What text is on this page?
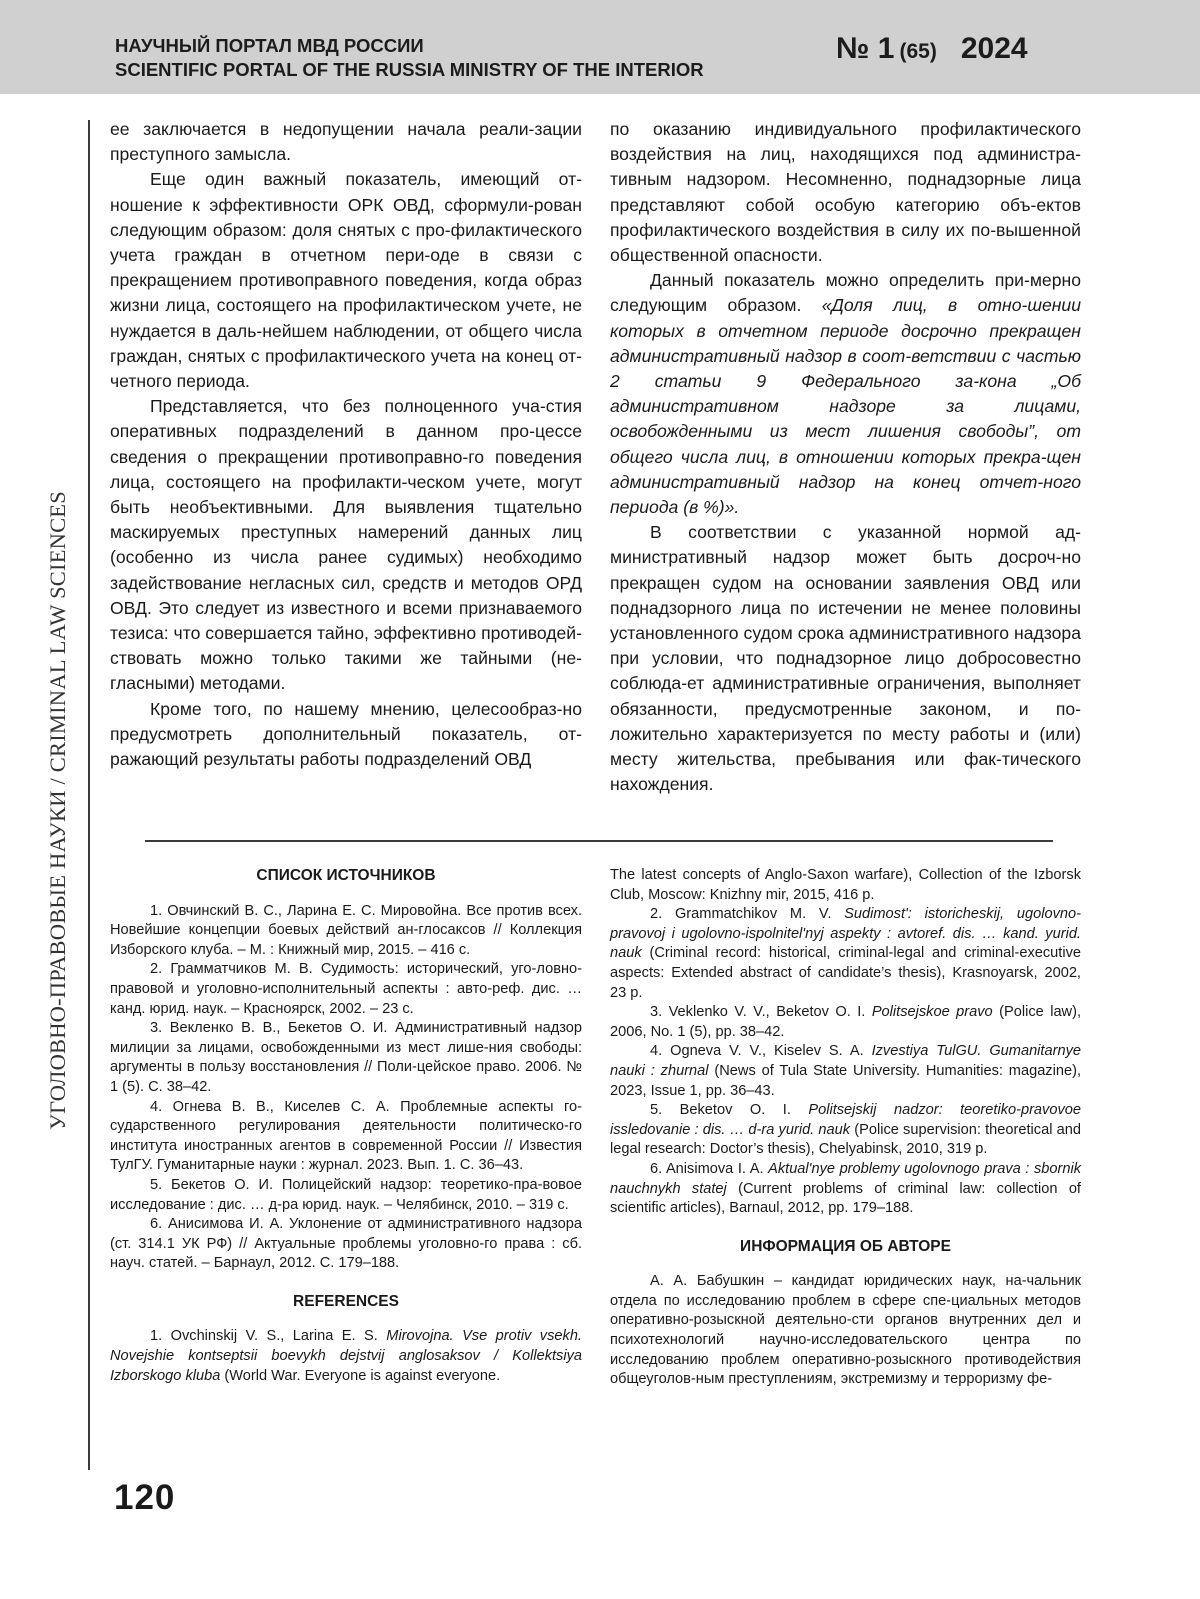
НАУЧНЫЙ ПОРТАЛ МВД РОССИИ
SCIENTIFIC PORTAL OF THE RUSSIA MINISTRY OF THE INTERIOR
№ 1 (65) 2024
УГОЛОВНО-ПРАВОВЫЕ НАУКИ / CRIMINAL LAW SCIENCES

ее заключается в недопущении начала реали-зации преступного замысла.

Еще один важный показатель, имеющий от-ношение к эффективности ОРК ОВД, сформули-рован следующим образом: доля снятых с про-филактического учета граждан в отчетном пери-оде в связи с прекращением противоправного поведения, когда образ жизни лица, состоящего на профилактическом учете, не нуждается в даль-нейшем наблюдении, от общего числа граждан, снятых с профилактического учета на конец от-четного периода.

Представляется, что без полноценного уча-стия оперативных подразделений в данном про-цессе сведения о прекращении противоправно-го поведения лица, состоящего на профилакти-ческом учете, могут быть необъективными. Для выявления тщательно маскируемых преступных намерений данных лиц (особенно из числа ранее судимых) необходимо задействование негласных сил, средств и методов ОРД ОВД. Это следует из известного и всеми признаваемого тезиса: что совершается тайно, эффективно противодей-ствовать можно только такими же тайными (не-гласными) методами.

Кроме того, по нашему мнению, целесообраз-но предусмотреть дополнительный показатель, от-ражающий результаты работы подразделений ОВД

по оказанию индивидуального профилактического воздействия на лиц, находящихся под администра-тивным надзором. Несомненно, поднадзорные лица представляют собой особую категорию объ-ектов профилактического воздействия в силу их по-вышенной общественной опасности.

Данный показатель можно определить при-мерно следующим образом. «Доля лиц, в отно-шении которых в отчетном периоде досрочно прекращен административный надзор в соот-ветствии с частью 2 статьи 9 Федерального за-кона „Об административном надзоре за лицами, освобожденными из мест лишения свободы”, от общего числа лиц, в отношении которых прекра-щен административный надзор на конец отчет-ного периода (в %)».

В соответствии с указанной нормой ад-министративный надзор может быть досроч-но прекращен судом на основании заявления ОВД или поднадзорного лица по истечении не менее половины установленного судом срока административного надзора при условии, что поднадзорное лицо добросовестно соблюда-ет административные ограничения, выполняет обязанности, предусмотренные законом, и по-ложительно характеризуется по месту работы и (или) месту жительства, пребывания или фак-тического нахождения.

СПИСОК ИСТОЧНИКОВ

1. Овчинский В. С., Ларина Е. С. Мировойна. Все против всех. Новейшие концепции боевых действий ан-глосаксов // Коллекция Изборского клуба. – М. : Книжный мир, 2015. – 416 с.

2. Грамматчиков М. В. Судимость: исторический, уго-ловно-правовой и уголовно-исполнительный аспекты : авто-реф. дис. … канд. юрид. наук. – Красноярск, 2002. – 23 с.

3. Векленко В. В., Бекетов О. И. Административный надзор милиции за лицами, освобожденными из мест лише-ния свободы: аргументы в пользу восстановления // Поли-цейское право. 2006. № 1 (5). С. 38–42.

4. Огнева В. В., Киселев С. А. Проблемные аспекты го-сударственного регулирования деятельности политическо-го института иностранных агентов в современной России // Известия ТулГУ. Гуманитарные науки : журнал. 2023. Вып. 1. С. 36–43.

5. Бекетов О. И. Полицейский надзор: теоретико-пра-вовое исследование : дис. … д-ра юрид. наук. – Челябинск, 2010. – 319 с.

6. Анисимова И. А. Уклонение от административного надзора (ст. 314.1 УК РФ) // Актуальные проблемы уголовно-го права : сб. науч. статей. – Барнаул, 2012. С. 179–188.

REFERENCES

1. Ovchinskij V. S., Larina E. S. Mirovojna. Vse protiv vsekh. Novejshie kontseptsii boevykh dejstvij anglosaksov / Kollektsiya Izborskogo kluba (World War. Everyone is against everyone.

The latest concepts of Anglo-Saxon warfare), Collection of the Izborsk Club, Moscow: Knizhny mir, 2015, 416 p.

2. Grammatchikov M. V. Sudimost': istoricheskij, ugolovno-pravovoj i ugolovno-ispolnitel'nyj aspekty : avtoref. dis. … kand. yurid. nauk (Criminal record: historical, criminal-legal and criminal-executive aspects: Extended abstract of candidate’s thesis), Krasnoyarsk, 2002, 23 p.

3. Veklenko V. V., Beketov O. I. Politsejskoe pravo (Police law), 2006, No. 1 (5), pp. 38–42.

4. Ogneva V. V., Kiselev S. A. Izvestiya TulGU. Gumanitarnye nauki : zhurnal (News of Tula State University. Humanities: magazine), 2023, Issue 1, pp. 36–43.

5. Beketov O. I. Politsejskij nadzor: teoretiko-pravovoe issledovanie : dis. … d-ra yurid. nauk (Police supervision: theoretical and legal research: Doctor’s thesis), Chelyabinsk, 2010, 319 p.

6. Anisimova I. A. Aktual'nye problemy ugolovnogo prava : sbornik nauchnykh statej (Current problems of criminal law: collection of scientific articles), Barnaul, 2012, pp. 179–188.

ИНФОРМАЦИЯ ОБ АВТОРЕ

А. А. Бабушкин – кандидат юридических наук, на-чальник отдела по исследованию проблем в сфере спе-циальных методов оперативно-розыскной деятельно-сти органов внутренних дел и психотехнологий научно-исследовательского центра по исследованию проблем оперативно-розыскного противодействия общеуголов-ным преступлениям, экстремизму и терроризму фе-

120
